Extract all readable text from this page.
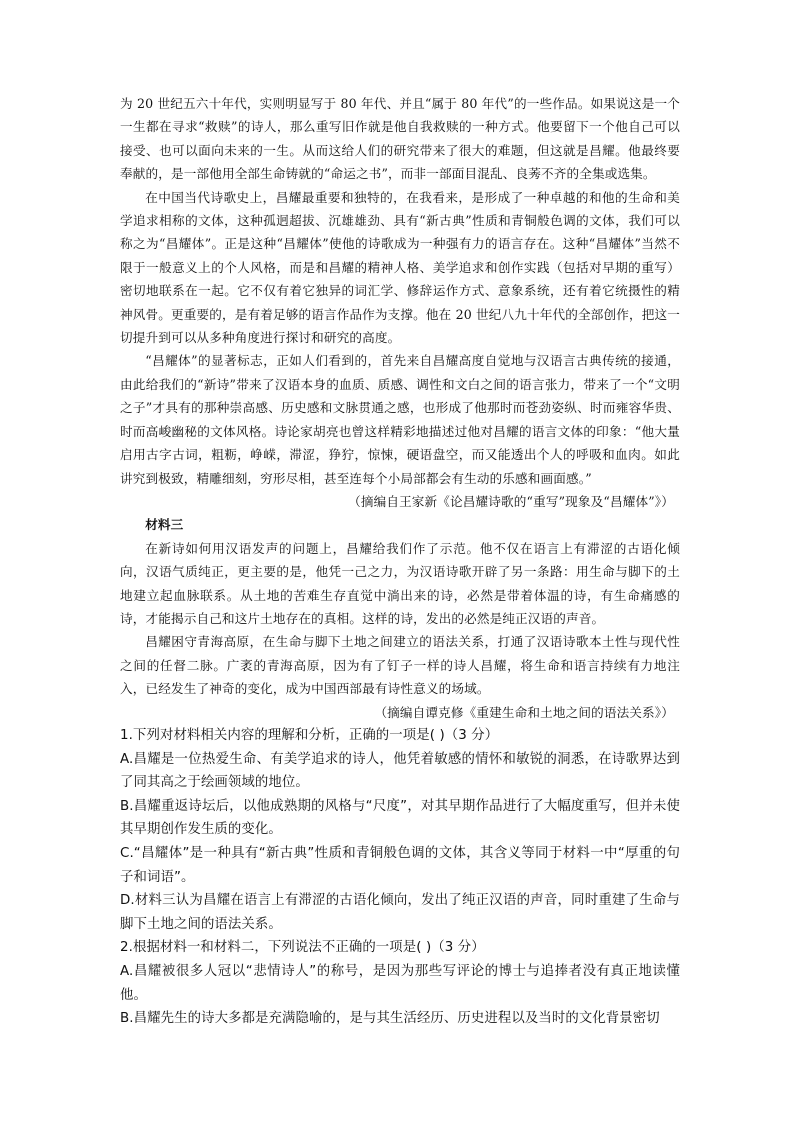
为 20 世纪五六十年代，实则明显写于 80 年代、并且“属于 80 年代”的一些作品。如果说这是一个一生都在寻求“救赎”的诗人，那么重写旧作就是他自我救赎的一种方式。他要留下一个他自己可以接受、也可以面向未来的一生。从而这给人们的研究带来了很大的难题，但这就是昌耀。他最终要奉献的，是一部他用全部生命铸就的“命运之书”，而非一部面目混乱、良莠不齐的全集或选集。

在中国当代诗歌史上，昌耀最重要和独特的，在我看来，是形成了一种卓越的和他的生命和美学追求相称的文体，这种孤迥超拔、沉雄雄劲、具有“新古典”性质和青铜般色调的文体，我们可以称之为“昌耀体”。正是这种“昌耀体”使他的诗歌成为一种强有力的语言存在。这种“昌耀体”当然不限于一般意义上的个人风格，而是和昌耀的精神人格、美学追求和创作实践（包括对早期的重写）密切地联系在一起。它不仅有着它独异的词汇学、修辞运作方式、意象系统，还有着它统摄性的精神风骨。更重要的，是有着足够的语言作品作为支撑。他在 20 世纪八九十年代的全部创作，把这一切提升到可以从多种角度进行探讨和研究的高度。

“昌耀体”的显著标志，正如人们看到的，首先来自昌耀高度自觉地与汉语言古典传统的接通，由此给我们的“新诗”带来了汉语本身的血质、质感、调性和文白之间的语言张力，带来了一个“文明之子”才具有的那种崇高感、历史感和文脉贯通之感，也形成了他那时而苍劲姿纵、时而雍容华贵、时而高峻幽秘的文体风格。诗论家胡亮也曾这样精彩地描述过他对昌耀的语言文体的印象：“他大量启用古字古词，粗粝，峥嵘，滞涩，狰狞，惊悚，硬语盘空，而又能透出个人的呼吸和血肉。如此讲究到极致，精雕细刻，穷形尽相，甚至连每个小局部都会有生动的乐感和画面感。”

（摘编自王家新《论昌耀诗歌的“重写”现象及“昌耀体”》）

材料三

在新诗如何用汉语发声的问题上，昌耀给我们作了示范。他不仅在语言上有滞涩的古语化倾向，汉语气质纯正，更主要的是，他凭一己之力，为汉语诗歌开辟了另一条路：用生命与脚下的土地建立起血脉联系。从土地的苦难生存直觉中淌出来的诗，必然是带着体温的诗，有生命痛感的诗，才能揭示自己和这片土地存在的真相。这样的诗，发出的必然是纯正汉语的声音。

昌耀困守青海高原，在生命与脚下土地之间建立的语法关系，打通了汉语诗歌本土性与现代性之间的任督二脉。广袤的青海高原，因为有了钉子一样的诗人昌耀，将生命和语言持续有力地注入，已经发生了神奇的变化，成为中国西部最有诗性意义的场域。

（摘编自谭克修《重建生命和土地之间的语法关系》）

1.下列对材料相关内容的理解和分析，正确的一项是( )（3 分）

A.昌耀是一位热爱生命、有美学追求的诗人，他凭着敏感的情怀和敏锐的洞悉，在诗歌界达到了同其高之于绘画领域的地位。

B.昌耀重返诗坛后，以他成熟期的风格与“尺度”，对其早期作品进行了大幅度重写，但并未使其早期创作发生质的变化。

C.“昌耀体”是一种具有“新古典”性质和青铜般色调的文体，其含义等同于材料一中“厚重的句子和词语”。

D.材料三认为昌耀在语言上有滞涩的古语化倾向，发出了纯正汉语的声音，同时重建了生命与脚下土地之间的语法关系。

2.根据材料一和材料二，下列说法不正确的一项是( )（3 分）

A.昌耀被很多人冠以“悲情诗人”的称号，是因为那些写评论的博士与追捧者没有真正地读懂他。

B.昌耀先生的诗大多都是充满隐喻的，是与其生活经历、历史进程以及当时的文化背景密切
